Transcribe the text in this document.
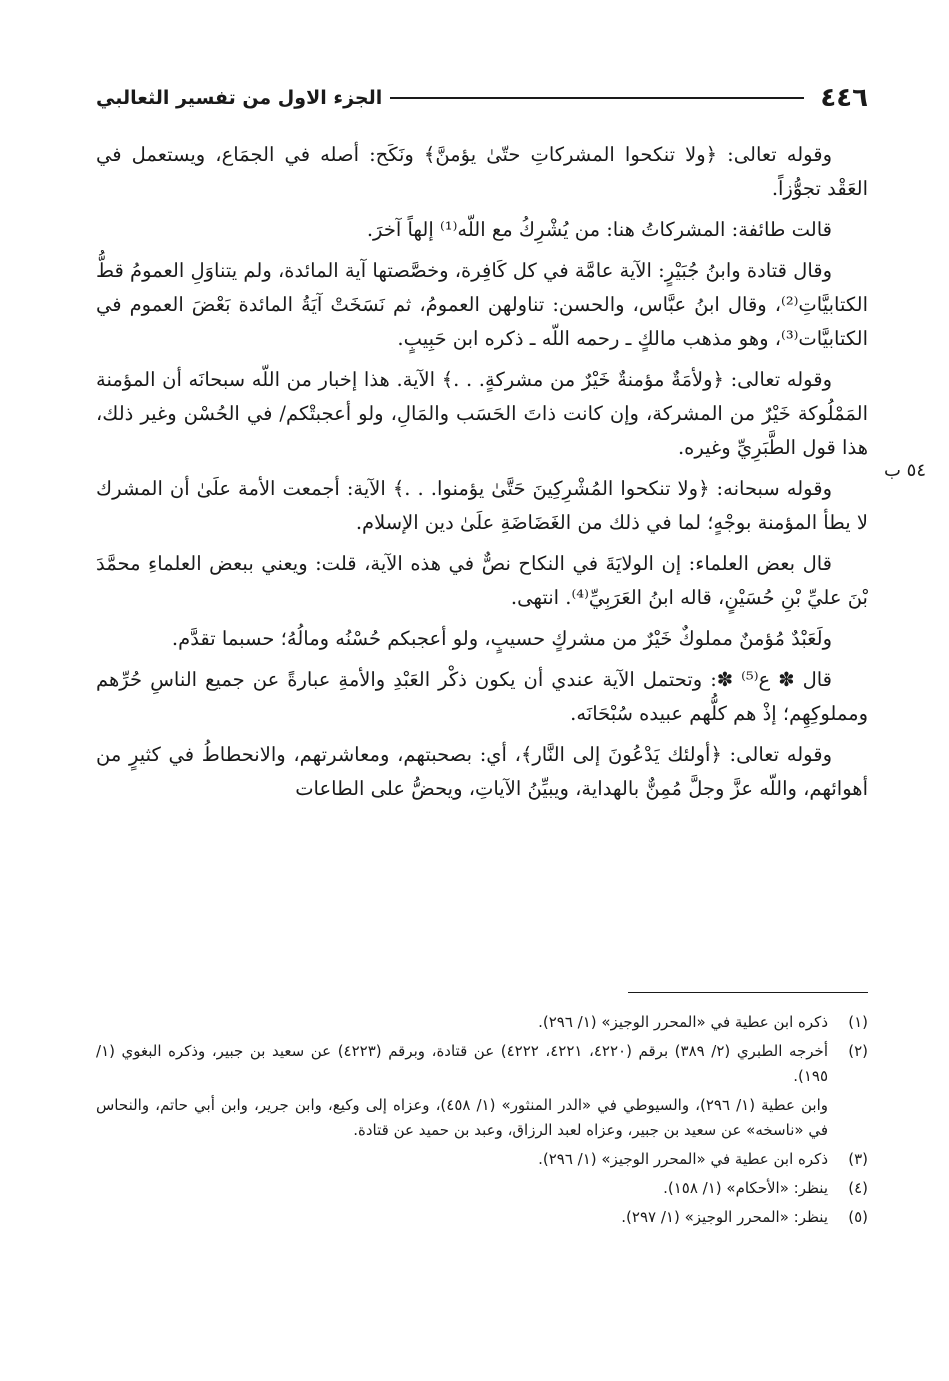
٤٤٦
الجزء الاول من تفسير الثعالبي
٥٤ ب

وقوله تعالى: ﴿ولا تنكحوا المشركاتِ حتّىٰ يؤمنَّ﴾ ونَكَح: أصله في الجمَاع، ويستعمل في العَقْد تجوُّزاً.

قالت طائفة: المشركاتُ هنا: من يُشْرِكُ مع اللّه⁽¹⁾ إلهاً آخرَ.

وقال قتادة وابنُ جُبَيْرٍ: الآية عامَّة في كل كَافِرة، وخصَّصتها آية المائدة، ولم يتناوَلِ العمومُ قطُّ الكتابيَّاتِ⁽²⁾، وقال ابنُ عبَّاس، والحسن: تناولهن العمومُ، ثم نَسَخَتْ آيَةُ المائدة بَعْضَ العموم في الكتابيَّات⁽³⁾، وهو مذهب مالكٍ ـ رحمه اللّه ـ ذكره ابن حَبِيبٍ.

وقوله تعالى: ﴿ولأمَةٌ مؤمنةٌ خَيْرٌ من مشركةٍ. . .﴾ الآية. هذا إخبار من اللّه سبحانَه أن المؤمنة المَمْلُوكة خَيْرٌ من المشركة، وإن كانت ذاتَ الحَسَب والمَالِ، ولو أعجبتْكم/ في الحُسْن وغير ذلك، هذا قول الطَّبَرِيِّ وغيره.

وقوله سبحانه: ﴿ولا تنكحوا المُشْرِكِينَ حَتَّىٰ يؤمنوا. . .﴾ الآية: أجمعت الأمة علَىٰ أن المشرك لا يطأ المؤمنة بوجْهٍ؛ لما في ذلك من الغَضَاضَةِ علَىٰ دين الإسلام.

قال بعض العلماء: إن الولايَةَ في النكاح نصٌّ في هذه الآية، قلت: ويعني ببعض العلماءِ محمَّدَ بْنَ عليِّ بْنِ حُسَيْنٍ، قاله ابنُ العَرَبِيِّ⁽⁴⁾. انتهى.

ولَعَبْدٌ مُؤمنٌ مملوكٌ خَيْرٌ من مشركٍ حسيبٍ، ولو أعجبكم حُسْنُه ومالُهُ؛ حسبما تقدَّم.

قال ✽ ع⁽⁵⁾ ✽: وتحتمل الآية عندي أن يكون ذكْر العَبْدِ والأمةِ عبارةً عن جميع الناسِ حُرِّهم ومملوكِهِم؛ إذْ هم كلُّهم عبيده سُبْحَانَه.

وقوله تعالى: ﴿أولئك يَدْعُونَ إلى النَّار﴾، أي: بصحبتهم، ومعاشرتهم، والانحطاطُ في كثيرٍ من أهوائهم، واللّه عزَّ وجلَّ مُمِنٌّ بالهداية، ويبيِّنُ الآياتِ، ويحضُّ على الطاعات

(١)
ذكره ابن عطية في «المحرر الوجيز» (١/ ٢٩٦).
(٢)
أخرجه الطبري (٢/ ٣٨٩) برقم (٤٢٢٠، ٤٢٢١، ٤٢٢٢) عن قتادة، وبرقم (٤٢٢٣) عن سعيد بن جبير، وذكره البغوي (١/ ١٩٥).
وابن عطية (١/ ٢٩٦)، والسيوطي في «الدر المنثور» (١/ ٤٥٨)، وعزاه إلى وكيع، وابن جرير، وابن أبي حاتم، والنحاس في «ناسخه» عن سعيد بن جبير، وعزاه لعبد الرزاق، وعبد بن حميد عن قتادة.
(٣)
ذكره ابن عطية في «المحرر الوجيز» (١/ ٢٩٦).
(٤)
ينظر: «الأحكام» (١/ ١٥٨).
(٥)
ينظر: «المحرر الوجيز» (١/ ٢٩٧).
